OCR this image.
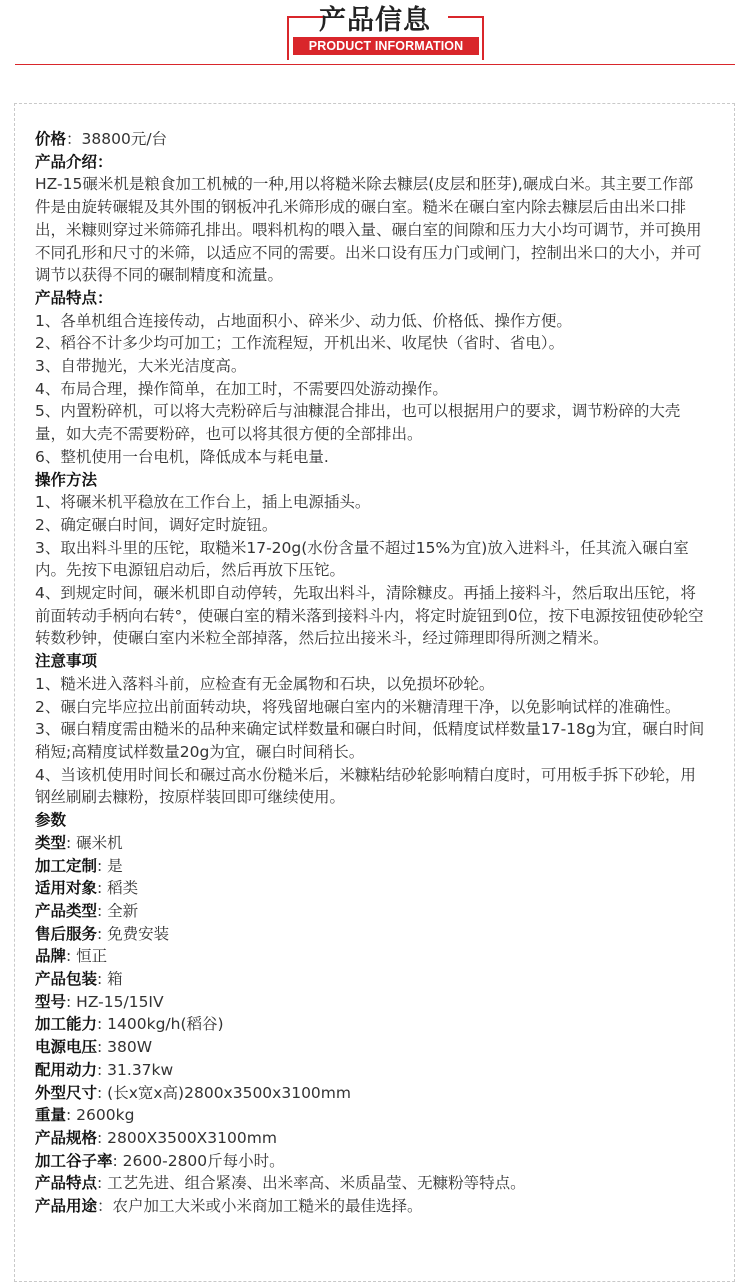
产品信息
PRODUCT INFORMATION

价格：38800元/台

产品介绍：

HZ-15碾米机是粮食加工机械的一种,用以将糙米除去糠层(皮层和胚芽),碾成白米。其主要工作部件是由旋转碾辊及其外围的钢板冲孔米筛形成的碾白室。糙米在碾白室内除去糠层后由出米口排出，米糠则穿过米筛筛孔排出。喂料机构的喂入量、碾白室的间隙和压力大小均可调节，并可换用不同孔形和尺寸的米筛，以适应不同的需要。出米口设有压力门或闸门，控制出米口的大小，并可调节以获得不同的碾制精度和流量。

产品特点：

1、各单机组合连接传动，占地面积小、碎米少、动力低、价格低、操作方便。

2、稻谷不计多少均可加工；工作流程短，开机出米、收尾快（省时、省电）。

3、自带抛光，大米光洁度高。

4、布局合理，操作简单，在加工时，不需要四处游动操作。

5、内置粉碎机，可以将大壳粉碎后与油糠混合排出，也可以根据用户的要求，调节粉碎的大壳量，如大壳不需要粉碎，也可以将其很方便的全部排出。

6、整机使用一台电机，降低成本与耗电量.

操作方法

1、将碾米机平稳放在工作台上，插上电源插头。

2、确定碾白时间，调好定时旋钮。

3、取出料斗里的压铊，取糙米17-20g(水份含量不超过15%为宜)放入进料斗，任其流入碾白室内。先按下电源钮启动后，然后再放下压铊。

4、到规定时间，碾米机即自动停转，先取出料斗，清除糠皮。再插上接料斗，然后取出压铊，将前面转动手柄向右转°，使碾白室的精米落到接料斗内，将定时旋钮到0位，按下电源按钮使砂轮空转数秒钟，使碾白室内米粒全部掉落，然后拉出接米斗，经过筛理即得所测之精米。

注意事项

1、糙米进入落料斗前，应检查有无金属物和石块，以免损坏砂轮。

2、碾白完毕应拉出前面转动块，将残留地碾白室内的米糖清理干净，以免影响试样的准确性。

3、碾白精度需由糙米的品种来确定试样数量和碾白时间，低精度试样数量17-18g为宜，碾白时间稍短;高精度试样数量20g为宜，碾白时间稍长。

4、当该机使用时间长和碾过高水份糙米后，米糠粘结砂轮影响精白度时，可用板手拆下砂轮，用钢丝刷刷去糠粉，按原样装回即可继续使用。

参数

类型: 碾米机

加工定制: 是

适用对象: 稻类

产品类型: 全新

售后服务: 免费安装

品牌: 恒正

产品包装: 箱

型号: HZ-15/15IV

加工能力: 1400kg/h(稻谷)

电源电压: 380W

配用动力: 31.37kw

外型尺寸: (长x宽x高)2800x3500x3100mm

重量: 2600kg

产品规格: 2800X3500X3100mm

加工谷子率: 2600-2800斤每小时。

产品特点: 工艺先进、组合紧凑、出米率高、米质晶莹、无糠粉等特点。

产品用途：农户加工大米或小米商加工糙米的最佳选择。
